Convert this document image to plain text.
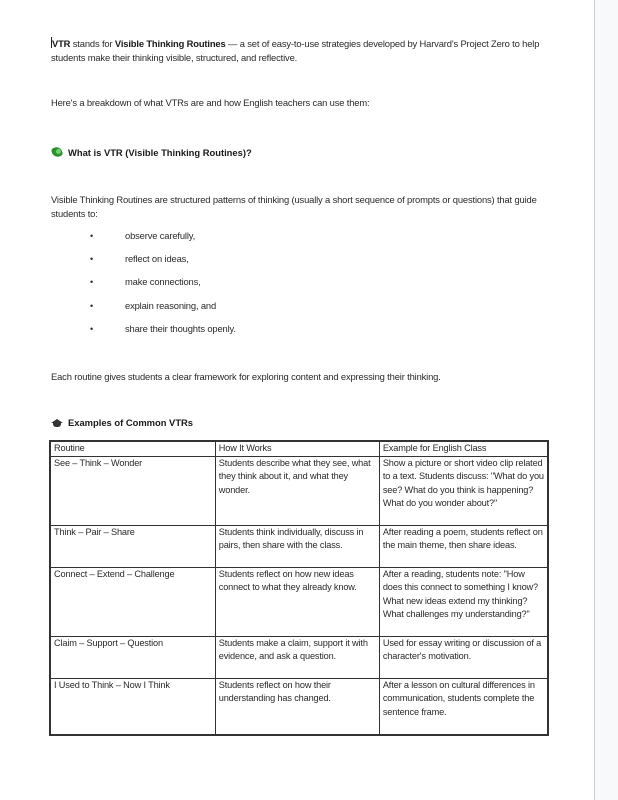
VTR stands for Visible Thinking Routines — a set of easy-to-use strategies developed by Harvard's Project Zero to help students make their thinking visible, structured, and reflective.
Here's a breakdown of what VTRs are and how English teachers can use them:
What is VTR (Visible Thinking Routines)?
Visible Thinking Routines are structured patterns of thinking (usually a short sequence of prompts or questions) that guide students to:
•	observe carefully,
•	reflect on ideas,
•	make connections,
•	explain reasoning, and
•	share their thoughts openly.
Each routine gives students a clear framework for exploring content and expressing their thinking.
Examples of Common VTRs
Routine	How It Works	Example for English Class
See – Think – Wonder	Students describe what they see, what they think about it, and what they wonder.	Show a picture or short video clip related to a text. Students discuss: "What do you see? What do you think is happening? What do you wonder about?"
Think – Pair – Share	Students think individually, discuss in pairs, then share with the class.	After reading a poem, students reflect on the main theme, then share ideas.
Connect – Extend – Challenge	Students reflect on how new ideas connect to what they already know.	After a reading, students note: "How does this connect to something I know? What new ideas extend my thinking? What challenges my understanding?"
Claim – Support – Question	Students make a claim, support it with evidence, and ask a question.	Used for essay writing or discussion of a character's motivation.
I Used to Think – Now I Think	Students reflect on how their understanding has changed.	After a lesson on cultural differences in communication, students complete the sentence frame.
